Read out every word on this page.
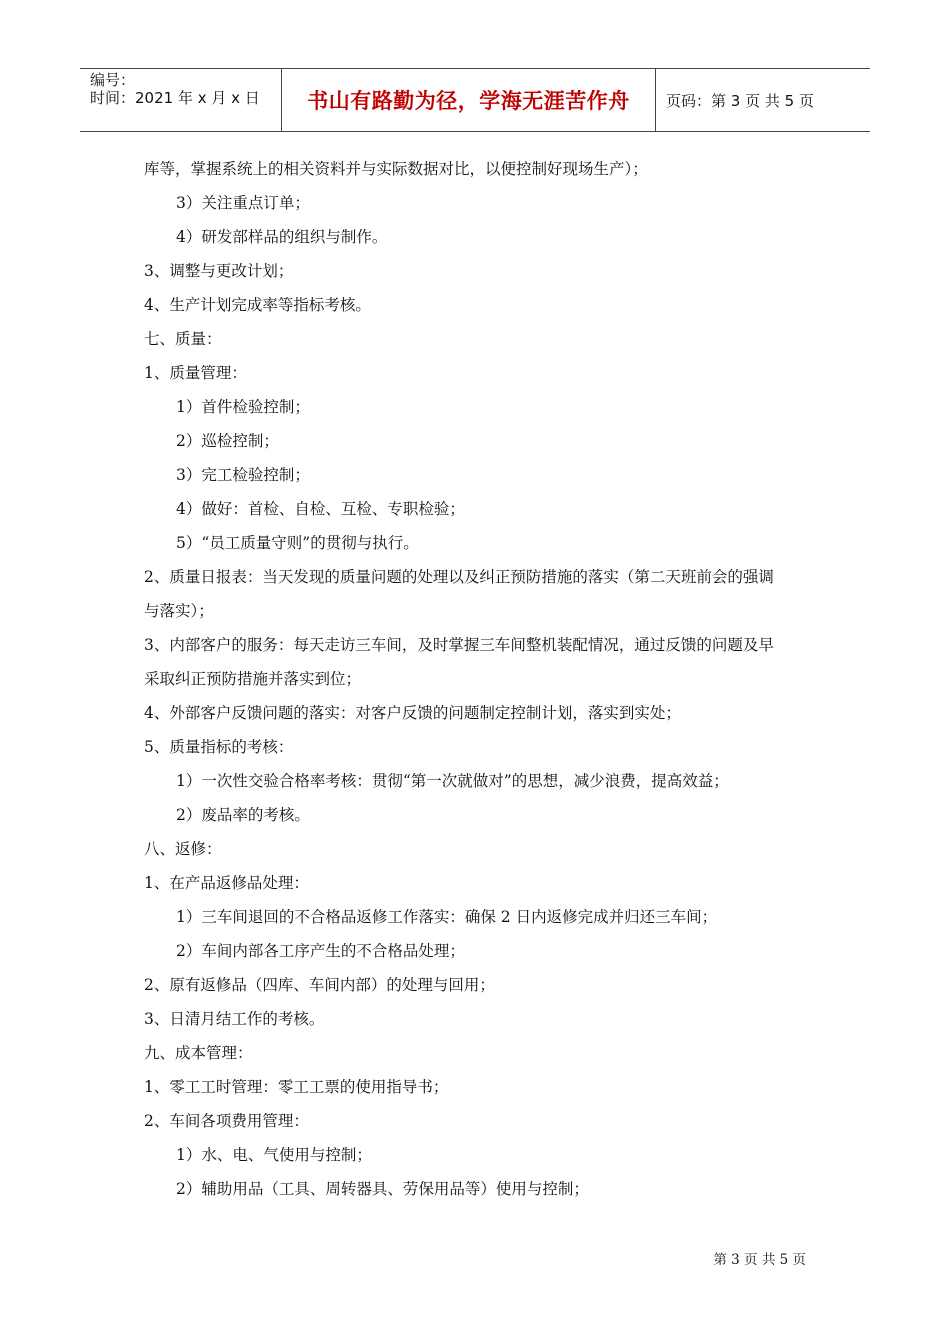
编号：
时间：2021 年 x 月 x 日	书山有路勤为径，学海无涯苦作舟	页码：第 3 页 共 5 页
库等，掌握系统上的相关资料并与实际数据对比，以便控制好现场生产）；
3）关注重点订单；
4）研发部样品的组织与制作。
3、调整与更改计划；
4、生产计划完成率等指标考核。
七、质量：
1、质量管理：
1）首件检验控制；
2）巡检控制；
3）完工检验控制；
4）做好：首检、自检、互检、专职检验；
5）“员工质量守则”的贯彻与执行。
2、质量日报表：当天发现的质量问题的处理以及纠正预防措施的落实（第二天班前会的强调
与落实）；
3、内部客户的服务：每天走访三车间，及时掌握三车间整机装配情况，通过反馈的问题及早
采取纠正预防措施并落实到位；
4、外部客户反馈问题的落实：对客户反馈的问题制定控制计划，落实到实处；
5、质量指标的考核：
1）一次性交验合格率考核：贯彻“第一次就做对”的思想，减少浪费，提高效益；
2）废品率的考核。
八、返修：
1、在产品返修品处理：
1）三车间退回的不合格品返修工作落实：确保 2 日内返修完成并归还三车间；
2）车间内部各工序产生的不合格品处理；
2、原有返修品（四库、车间内部）的处理与回用；
3、日清月结工作的考核。
九、成本管理：
1、零工工时管理：零工工票的使用指导书；
2、车间各项费用管理：
1）水、电、气使用与控制；
2）辅助用品（工具、周转器具、劳保用品等）使用与控制；
第 3 页 共 5 页
